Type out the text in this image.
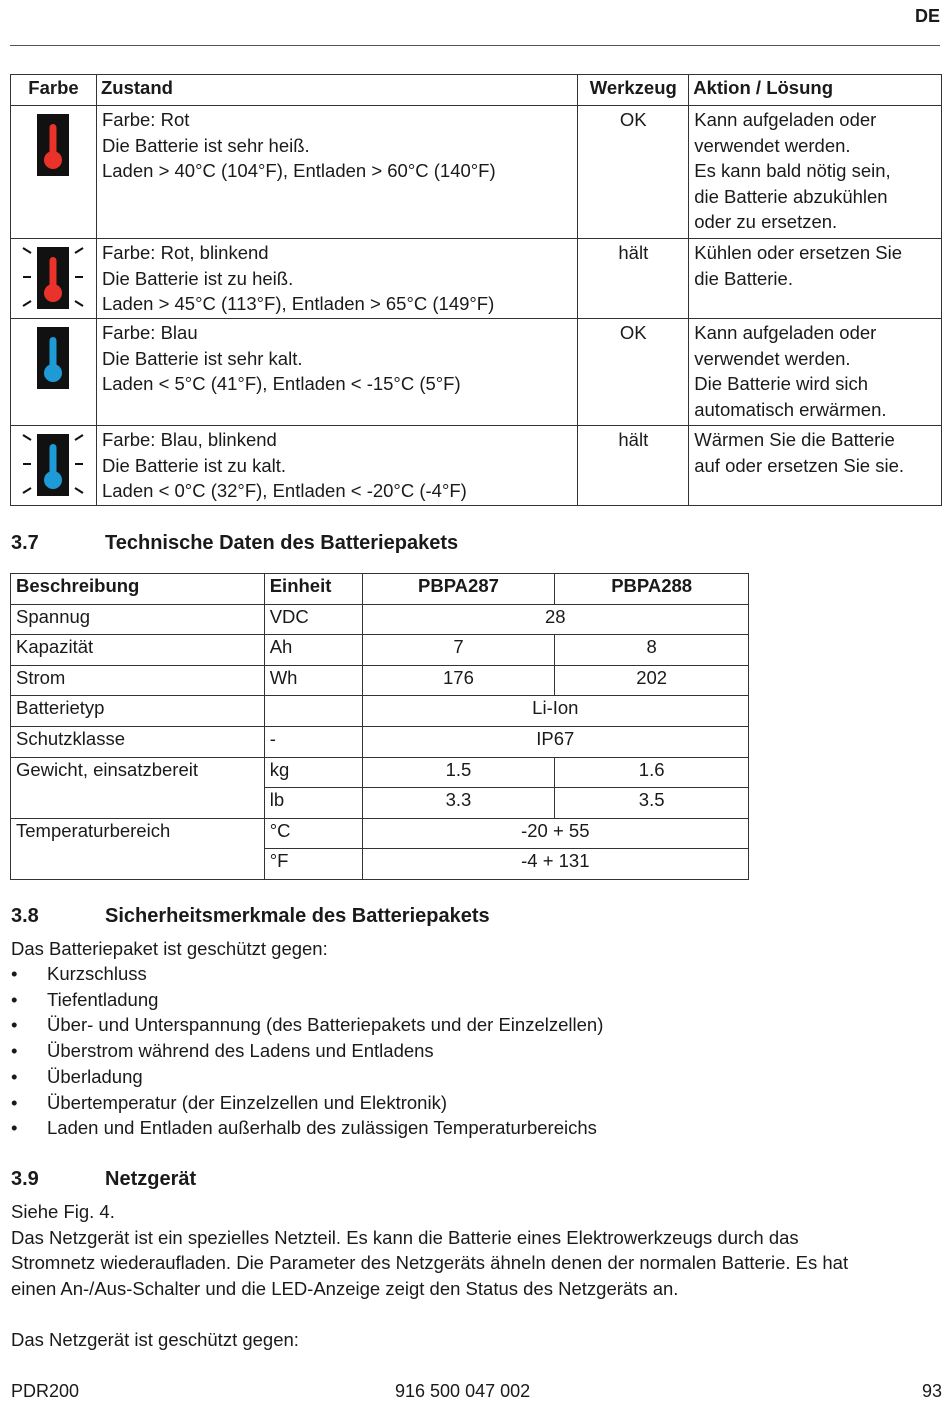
DE
Farbe	Zustand	Werkzeug	Aktion / Lösung

Farbe: Rot
Die Batterie ist sehr heiß.
Laden > 40°C (104°F), Entladen > 60°C (140°F)	OK	Kann aufgeladen oder
verwendet werden.
Es kann bald nötig sein,
die Batterie abzukühlen
oder zu ersetzen.

Farbe: Rot, blinkend
Die Batterie ist zu heiß.
Laden > 45°C (113°F), Entladen > 65°C (149°F)	hält	Kühlen oder ersetzen Sie
die Batterie.

Farbe: Blau
Die Batterie ist sehr kalt.
Laden < 5°C (41°F), Entladen < -15°C (5°F)	OK	Kann aufgeladen oder
verwendet werden.
Die Batterie wird sich
automatisch erwärmen.

Farbe: Blau, blinkend
Die Batterie ist zu kalt.
Laden < 0°C (32°F), Entladen < -20°C (-4°F)	hält	Wärmen Sie die Batterie
auf oder ersetzen Sie sie.
3.7	Technische Daten des Batteriepakets
Beschreibung	Einheit	PBPA287	PBPA288
Spannug	VDC	28	
Kapazität	Ah	7	8
Strom	Wh	176	202
Batterietyp		Li-Ion	
Schutzklasse	-	IP67	
Gewicht, einsatzbereit	kg	1.5	1.6
	lb	3.3	3.5
Temperaturbereich	°C	-20 + 55	
	°F	-4 + 131	
3.8	Sicherheitsmerkmale des Batteriepakets

Das Batteriepaket ist geschützt gegen:

• Kurzschluss
• Tiefentladung
• Über- und Unterspannung (des Batteriepakets und der Einzelzellen)
• Überstrom während des Ladens und Entladens
• Überladung
• Übertemperatur (der Einzelzellen und Elektronik)
• Laden und Entladen außerhalb des zulässigen Temperaturbereichs
3.9	Netzgerät
Siehe Fig. 4.
Das Netzgerät ist ein spezielles Netzteil. Es kann die Batterie eines Elektrowerkzeugs durch das
Stromnetz wiederaufladen. Die Parameter des Netzgeräts ähneln denen der normalen Batterie. Es hat
einen An-/Aus-Schalter und die LED-Anzeige zeigt den Status des Netzgeräts an.

Das Netzgerät ist geschützt gegen:

PDR200	916 500 047 002	93
